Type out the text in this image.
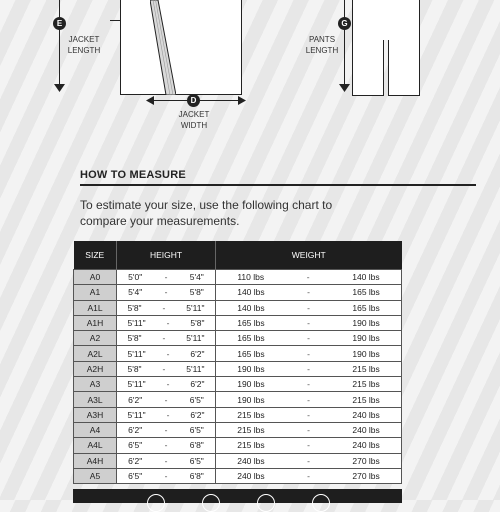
E
JACKET
LENGTH
D
JACKET
WIDTH
G
PANTS
LENGTH
HOW TO MEASURE
To estimate your size, use the following chart to compare your measurements.
SIZE	HEIGHT	WEIGHT
A0	5'0" - 5'4"	110 lbs - 140 lbs

A1	5'4" - 5'8"	140 lbs - 165 lbs

A1L	5'8" - 5'11"	140 lbs - 165 lbs

A1H	5'11" - 5'8"	165 lbs - 190 lbs

A2	5'8" - 5'11"	165 lbs - 190 lbs

A2L	5'11" - 6'2"	165 lbs - 190 lbs

A2H	5'8" - 5'11"	190 lbs - 215 lbs

A3	5'11" - 6'2"	190 lbs - 215 lbs

A3L	6'2" - 6'5"	190 lbs - 215 lbs

A3H	5'11" - 6'2"	215 lbs - 240 lbs

A4	6'2" - 6'5"	215 lbs - 240 lbs

A4L	6'5" - 6'8"	215 lbs - 240 lbs

A4H	6'2" - 6'5"	240 lbs - 270 lbs

A5	6'5" - 6'8"	240 lbs - 270 lbs
